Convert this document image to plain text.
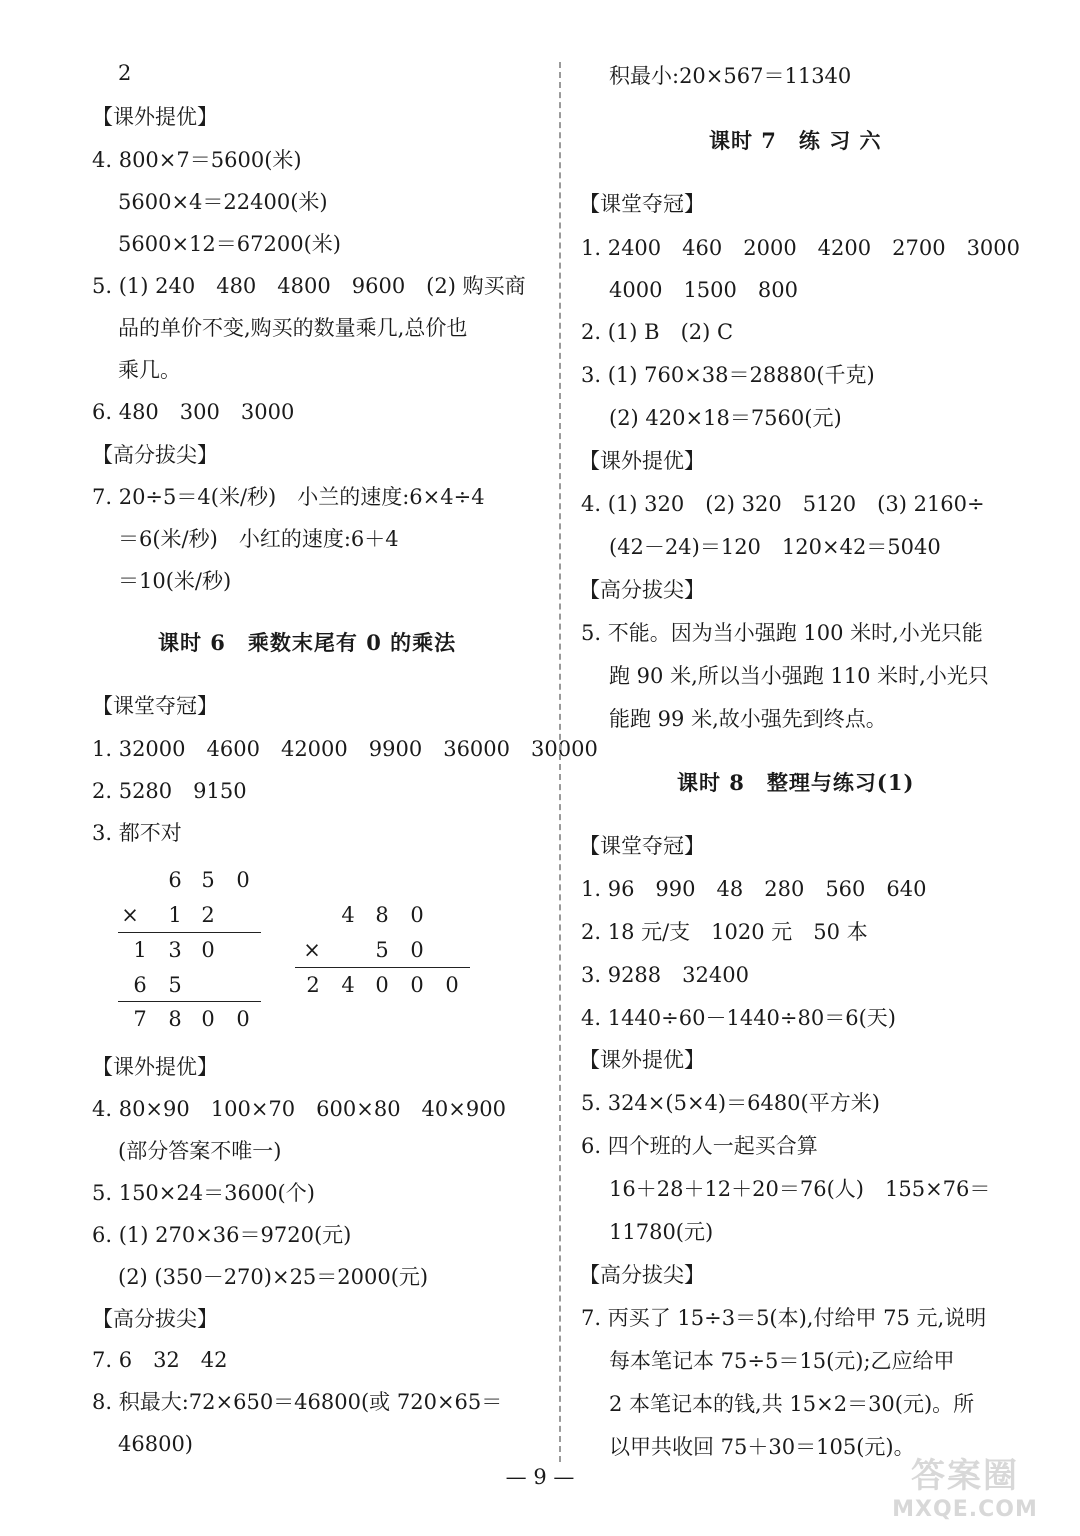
2
【课外提优】
4. 800×7＝5600(米)
5600×4＝22400(米)
5600×12＝67200(米)
5. (1) 240　480　4800　9600　(2) 购买商
品的单价不变,购买的数量乘几,总价也
乘几。
6. 480　300　3000
【高分拔尖】
7. 20÷5＝4(米/秒)　小兰的速度:6×4÷4
＝6(米/秒)　小红的速度:6＋4
＝10(米/秒)
课时 6　乘数末尾有 0 的乘法
【课堂夺冠】
1. 32000　4600　42000　9900　36000　30000
2. 5280　9150
3. 都不对
6 5	0
×	1 2
1	3 0
6	5
7	8 0	0
4 8	0
×	5	0
2	4 0	0	0
【课外提优】
4. 80×90　100×70　600×80　40×900
(部分答案不唯一)
5. 150×24＝3600(个)
6. (1) 270×36＝9720(元)
(2) (350－270)×25＝2000(元)
【高分拔尖】
7. 6　32　42
8. 积最大:72×650＝46800(或 720×65＝
46800)
积最小:20×567＝11340
课时 7　练 习 六
【课堂夺冠】
1. 2400　460　2000　4200　2700　3000
4000　1500　800
2. (1) B　(2) C
3. (1) 760×38＝28880(千克)
(2) 420×18＝7560(元)
【课外提优】
4. (1) 320　(2) 320　5120　(3) 2160÷
(42－24)＝120　120×42＝5040
【高分拔尖】
5. 不能。因为当小强跑 100 米时,小光只能
跑 90 米,所以当小强跑 110 米时,小光只
能跑 99 米,故小强先到终点。
课时 8　整理与练习(1)
【课堂夺冠】
1. 96　990　48　280　560　640
2. 18 元/支　1020 元　50 本
3. 9288　32400
4. 1440÷60－1440÷80＝6(天)
【课外提优】
5. 324×(5×4)＝6480(平方米)
6. 四个班的人一起买合算
16＋28＋12＋20＝76(人)　155×76＝
11780(元)
【高分拔尖】
7. 丙买了 15÷3＝5(本),付给甲 75 元,说明
每本笔记本 75÷5＝15(元);乙应给甲
2 本笔记本的钱,共 15×2＝30(元)。所
以甲共收回 75＋30＝105(元)。
— 9 —	答案圈
MXQE.COM
